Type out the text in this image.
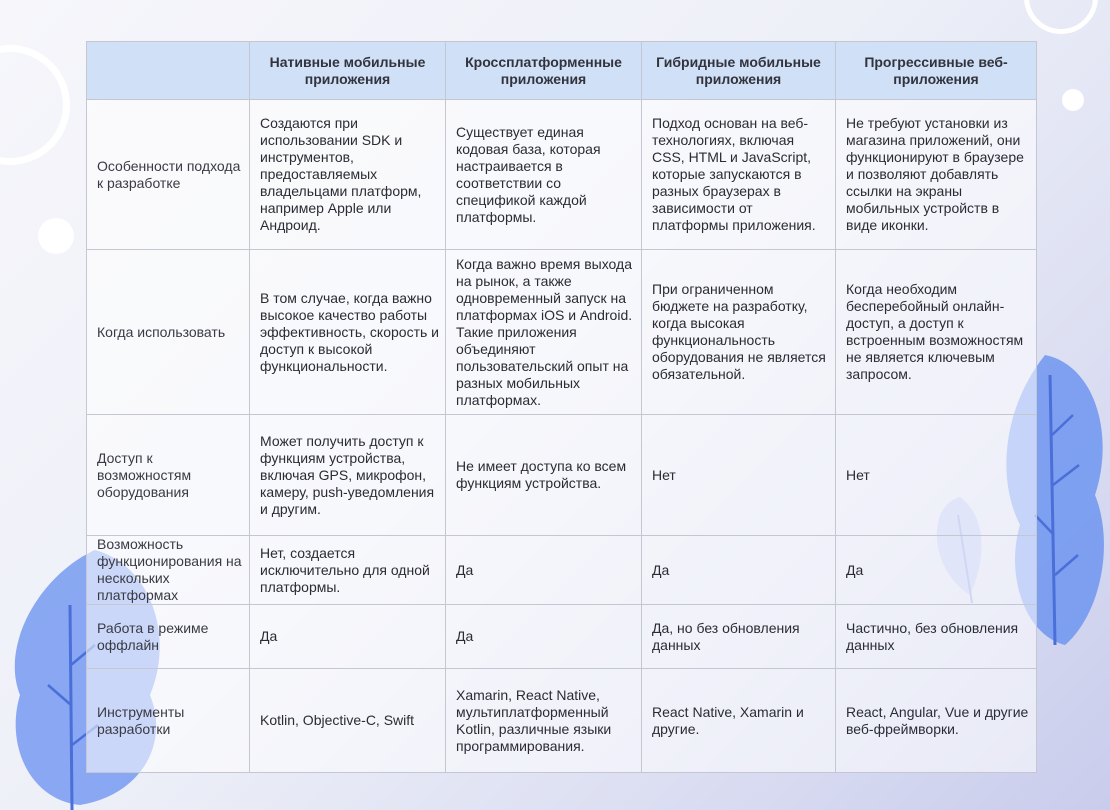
	Нативные мобильные приложения	Кроссплатформенные приложения	Гибридные мобильные приложения	Прогрессивные веб-приложения
Особенности подхода к разработке	Создаются при использовании SDK и инструментов, предоставляемых владельцами платформ, например Apple или Андроид.	Существует единая кодовая база, которая настраивается в соответствии со спецификой каждой платформы.	Подход основан на веб-технологиях, включая CSS, HTML и JavaScript, которые запускаются в разных браузерах в зависимости от платформы приложения.	Не требуют установки из магазина приложений, они функционируют в браузере и позволяют добавлять ссылки на экраны мобильных устройств в виде иконки.
Когда использовать	В том случае, когда важно высокое качество работы эффективность, скорость и доступ к высокой функциональности.	Когда важно время выхода на рынок, а также одновременный запуск на платформах iOS и Android. Такие приложения объединяют пользовательский опыт на разных мобильных платформах.	При ограниченном бюджете на разработку, когда высокая функциональность оборудования не является обязательной.	Когда необходим бесперебойный онлайн-доступ, а доступ к встроенным возможностям не является ключевым запросом.
Доступ к возможностям оборудования	Может получить доступ к функциям устройства, включая GPS, микрофон, камеру, push-уведомления и другим.	Не имеет доступа ко всем функциям устройства.	Нет	Нет
Возможность функционирования на нескольких платформах	Нет, создается исключительно для одной платформы.	Да	Да	Да
Работа в режиме оффлайн	Да	Да	Да, но без обновления данных	Частично, без обновления данных
Инструменты разработки	Kotlin, Objective-C, Swift	Xamarin, React Native, мультиплатформенный Kotlin, различные языки программирования.	React Native, Xamarin и другие.	React, Angular, Vue и другие веб-фреймворки.
